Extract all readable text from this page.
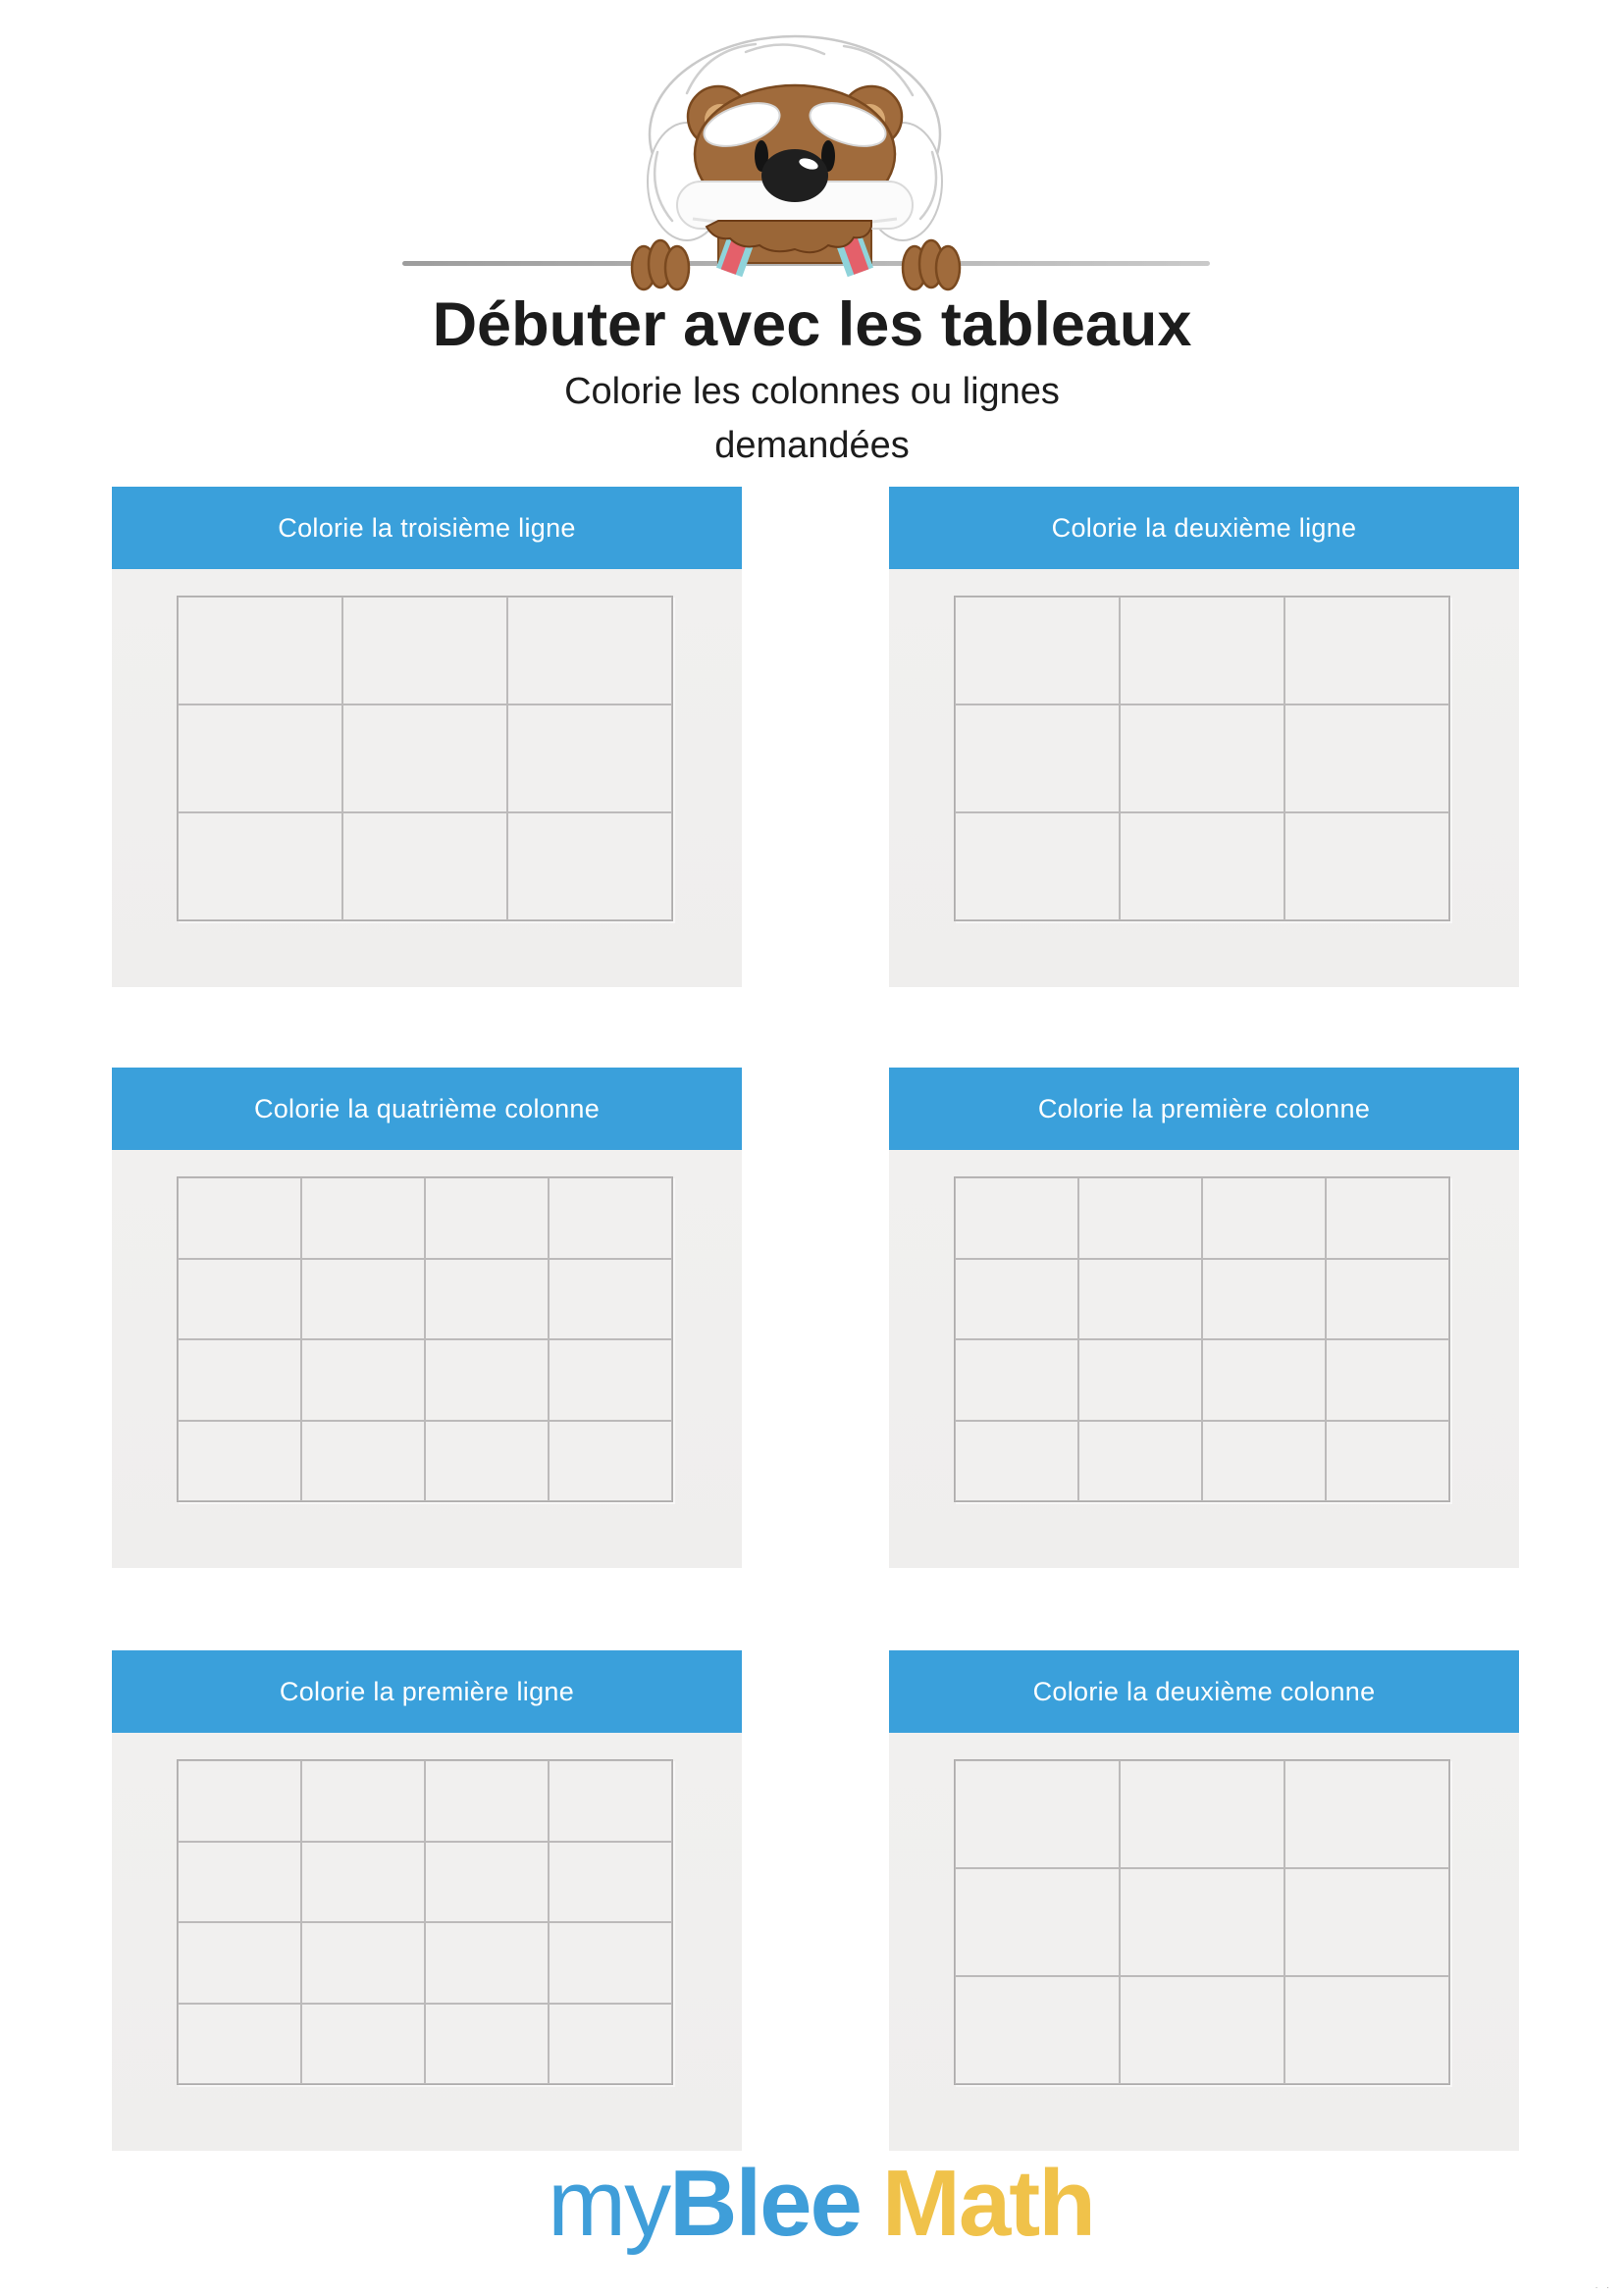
Débuter avec les tableaux
Colorie les colonnes ou lignes
demandées
Colorie la troisième ligne	Colorie la deuxième ligne
Colorie la quatrième colonne	Colorie la première colonne
Colorie la première ligne	Colorie la deuxième colonne
myBlee Math
· ·
